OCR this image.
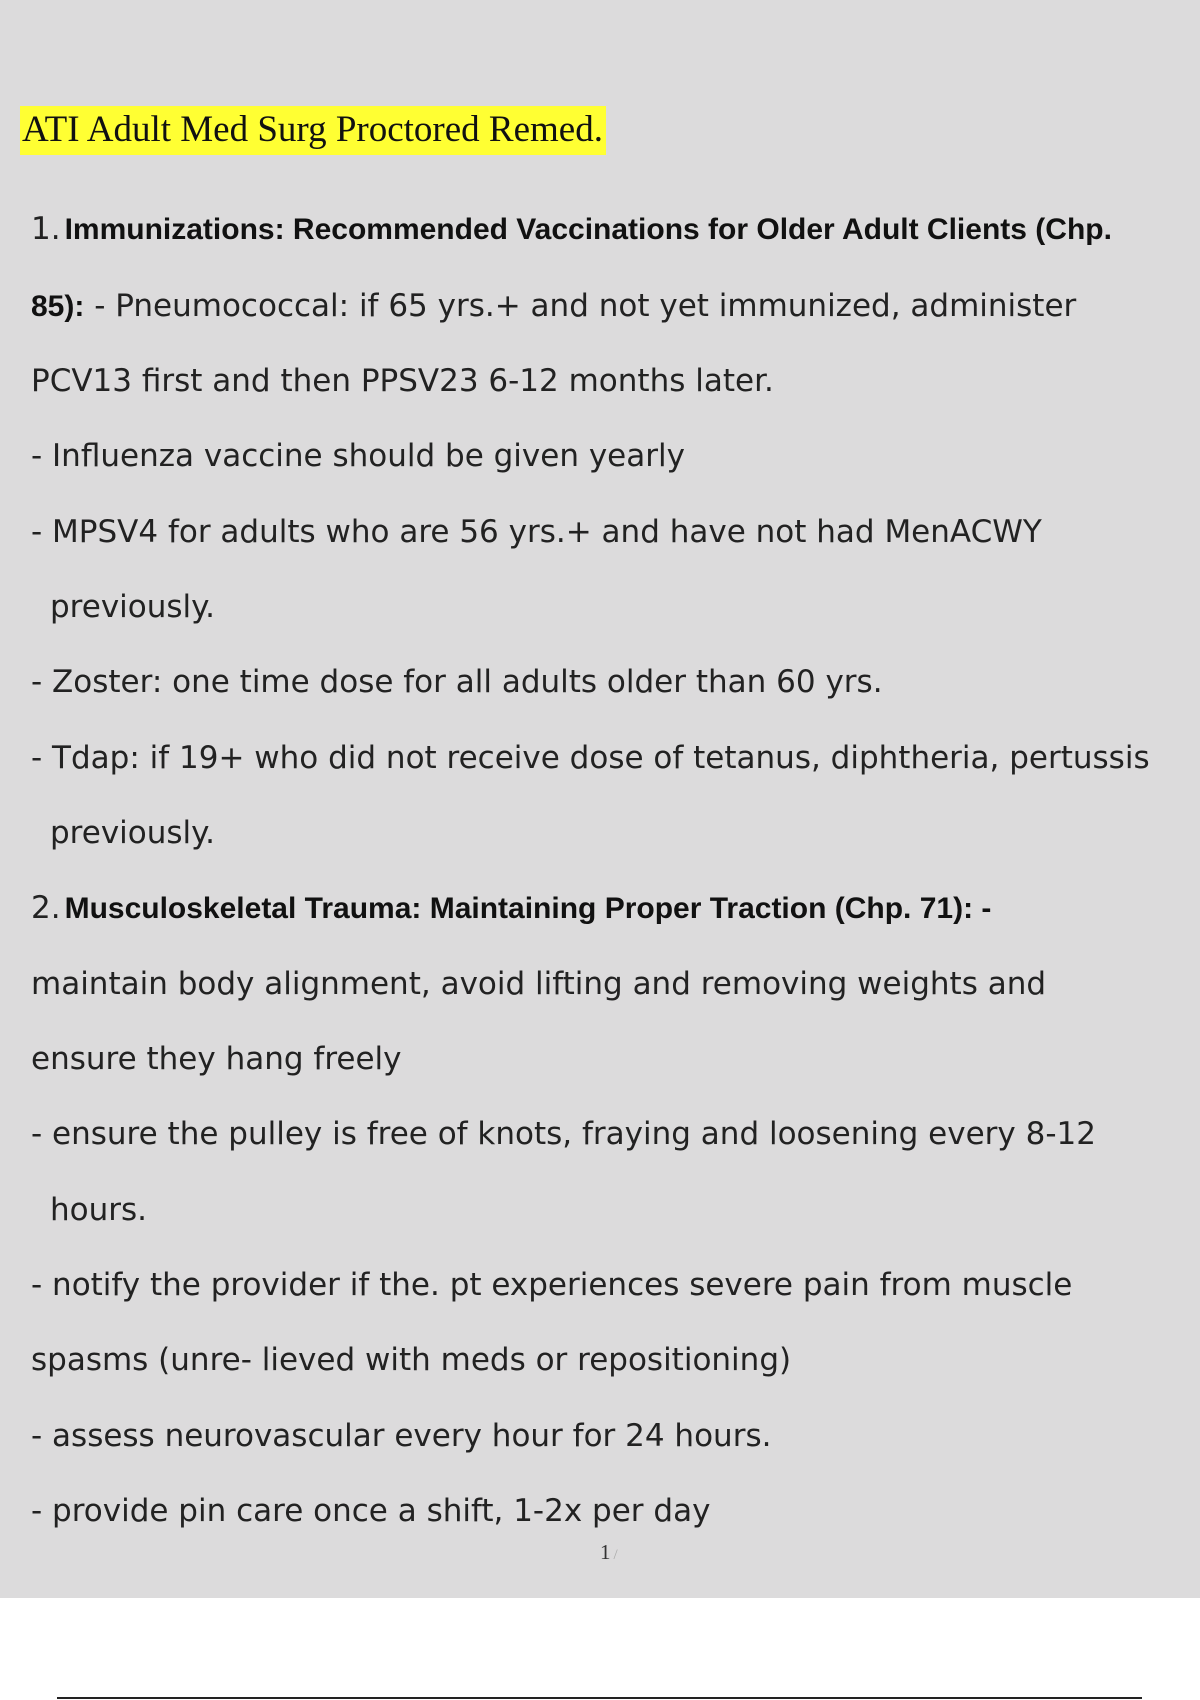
ATI Adult Med Surg Proctored Remed.

1. Immunizations: Recommended Vaccinations for Older Adult Clients (Chp.

85): - Pneumococcal: if 65 yrs.+ and not yet immunized, administer

PCV13 first and then PPSV23 6-12 months later.

- Influenza vaccine should be given yearly

- MPSV4 for adults who are 56 yrs.+ and have not had MenACWY

previously.

- Zoster: one time dose for all adults older than 60 yrs.

- Tdap: if 19+ who did not receive dose of tetanus, diphtheria, pertussis

previously.

2. Musculoskeletal Trauma: Maintaining Proper Traction (Chp. 71): -

maintain body alignment, avoid lifting and removing weights and

ensure they hang freely

- ensure the pulley is free of knots, fraying and loosening every 8-12

hours.

- notify the provider if the. pt experiences severe pain from muscle

spasms (unre- lieved with meds or repositioning)

- assess neurovascular every hour for 24 hours.

- provide pin care once a shift, 1-2x per day

1 /
